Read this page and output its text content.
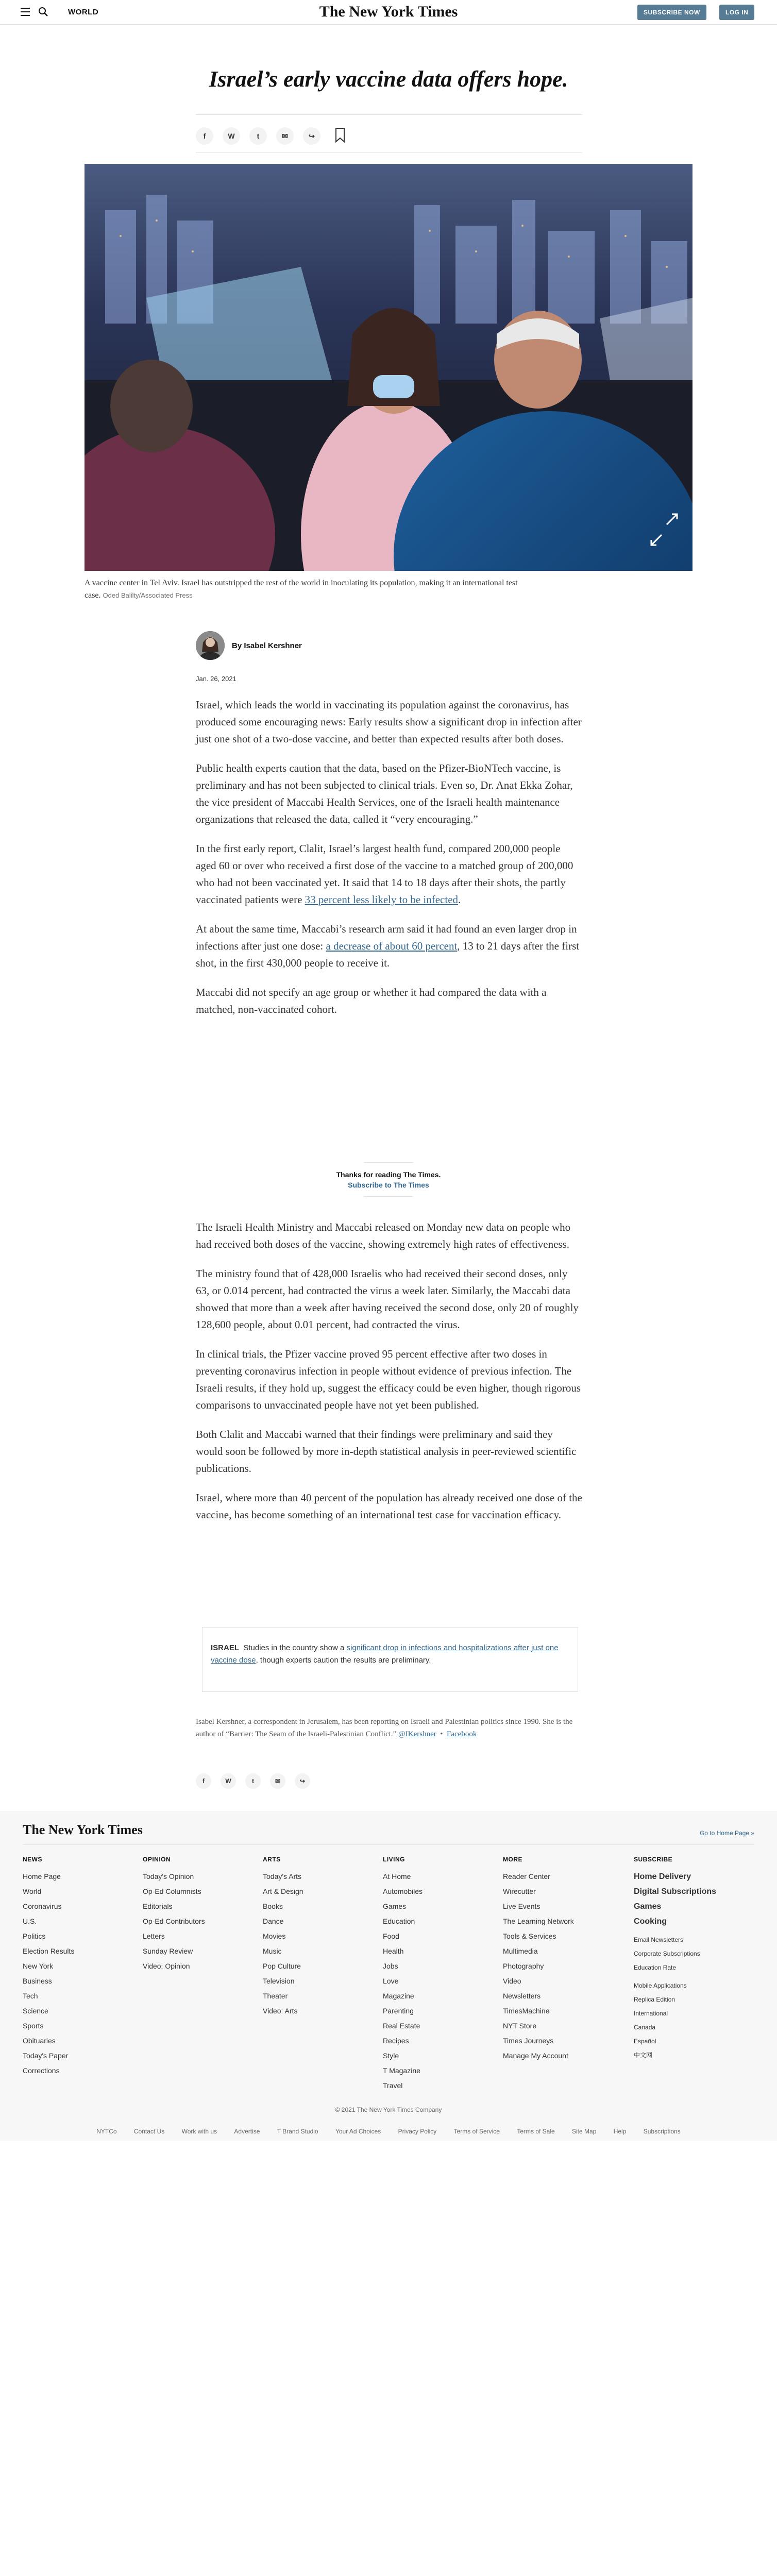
WORLD	The New York Times	SUBSCRIBE NOW	LOG IN
Israel’s early vaccine data offers hope.
f	W	t	✉	↪
A vaccine center in Tel Aviv. Israel has outstripped the rest of the world in inoculating its population, making it an international test case. Oded Balilty/Associated Press
By Isabel Kershner
Jan. 26, 2021

Israel, which leads the world in vaccinating its population against the coronavirus, has produced some encouraging news: Early results show a significant drop in infection after just one shot of a two-dose vaccine, and better than expected results after both doses.

Public health experts caution that the data, based on the Pfizer-BioNTech vaccine, is preliminary and has not been subjected to clinical trials. Even so, Dr. Anat Ekka Zohar, the vice president of Maccabi Health Services, one of the Israeli health maintenance organizations that released the data, called it “very encouraging.”

In the first early report, Clalit, Israel’s largest health fund, compared 200,000 people aged 60 or over who received a first dose of the vaccine to a matched group of 200,000 who had not been vaccinated yet. It said that 14 to 18 days after their shots, the partly vaccinated patients were 33 percent less likely to be infected.

At about the same time, Maccabi’s research arm said it had found an even larger drop in infections after just one dose: a decrease of about 60 percent, 13 to 21 days after the first shot, in the first 430,000 people to receive it.

Maccabi did not specify an age group or whether it had compared the data with a matched, non-vaccinated cohort.

Thanks for reading The Times.
Subscribe to The Times

The Israeli Health Ministry and Maccabi released on Monday new data on people who had received both doses of the vaccine, showing extremely high rates of effectiveness.

The ministry found that of 428,000 Israelis who had received their second doses, only 63, or 0.014 percent, had contracted the virus a week later. Similarly, the Maccabi data showed that more than a week after having received the second dose, only 20 of roughly 128,600 people, about 0.01 percent, had contracted the virus.

In clinical trials, the Pfizer vaccine proved 95 percent effective after two doses in preventing coronavirus infection in people without evidence of previous infection. The Israeli results, if they hold up, suggest the efficacy could be even higher, though rigorous comparisons to unvaccinated people have not yet been published.

Both Clalit and Maccabi warned that their findings were preliminary and said they would soon be followed by more in-depth statistical analysis in peer-reviewed scientific publications.

Israel, where more than 40 percent of the population has already received one dose of the vaccine, has become something of an international test case for vaccination efficacy.

ISRAEL Studies in the country show a significant drop in infections and hospitalizations after just one vaccine dose, though experts caution the results are preliminary.
Isabel Kershner, a correspondent in Jerusalem, has been reporting on Israeli and Palestinian politics since 1990. She is the author of “Barrier: The Seam of the Israeli-Palestinian Conflict.” @IKershner  •  Facebook
f	W	t	✉	↪
The New York Times	Go to Home Page »
NEWS
Home Page
World
Coronavirus
U.S.
Politics
Election Results
New York
Business
Tech
Science
Sports
Obituaries
Today's Paper
Corrections
OPINION
Today's Opinion
Op-Ed Columnists
Editorials
Op-Ed Contributors
Letters
Sunday Review
Video: Opinion
ARTS
Today's Arts
Art & Design
Books
Dance
Movies
Music
Pop Culture
Television
Theater
Video: Arts
LIVING
At Home
Automobiles
Games
Education
Food
Health
Jobs
Love
Magazine
Parenting
Real Estate
Recipes
Style
T Magazine
Travel
MORE
Reader Center
Wirecutter
Live Events
The Learning Network
Tools & Services
Multimedia
Photography
Video
Newsletters
TimesMachine
NYT Store
Times Journeys
Manage My Account
SUBSCRIBE
Home Delivery
Digital Subscriptions
Games
Cooking
Email Newsletters
Corporate Subscriptions
Education Rate
Mobile Applications
Replica Edition
International
Canada
Español
中文网
© 2021 The New York Times Company
NYTCo	Contact Us	Work with us	Advertise	T Brand Studio	Your Ad Choices	Privacy Policy	Terms of Service	Terms of Sale	Site Map	Help	Subscriptions
